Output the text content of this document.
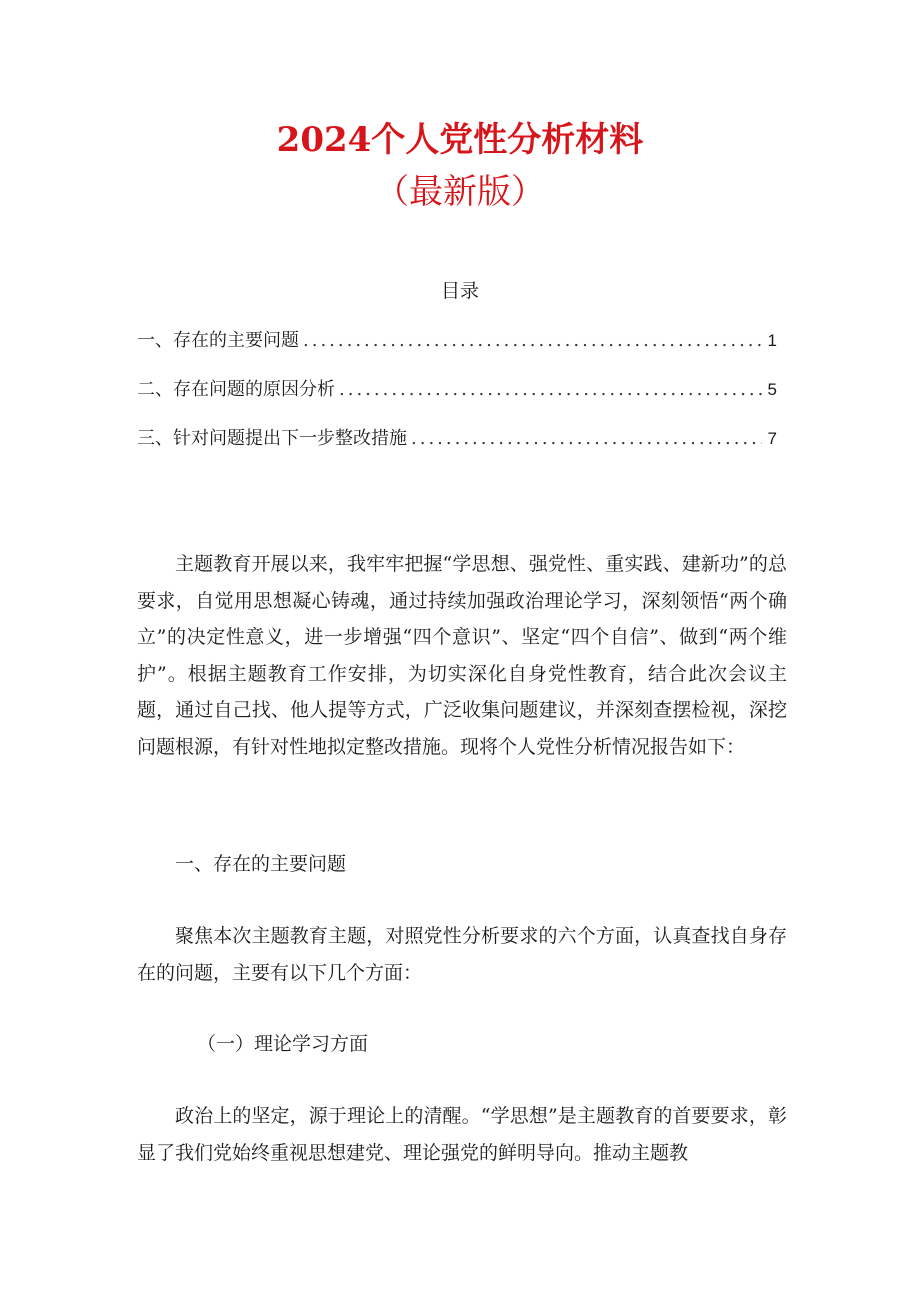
2024个人党性分析材料
（最新版）
目录
一、存在的主要问题 .....	1
二、存在问题的原因分析 .....	5
三、针对问题提出下一步整改措施 .....	7

主题教育开展以来，我牢牢把握“学思想、强党性、重实践、建新功”的总要求，自觉用思想凝心铸魂，通过持续加强政治理论学习，深刻领悟“两个确立”的决定性意义，进一步增强“四个意识”、坚定“四个自信”、做到“两个维护”。根据主题教育工作安排，为切实深化自身党性教育，结合此次会议主题，通过自己找、他人提等方式，广泛收集问题建议，并深刻查摆检视，深挖问题根源，有针对性地拟定整改措施。现将个人党性分析情况报告如下：

一、存在的主要问题

聚焦本次主题教育主题，对照党性分析要求的六个方面，认真查找自身存在的问题，主要有以下几个方面：

（一）理论学习方面

政治上的坚定，源于理论上的清醒。“学思想”是主题教育的首要要求，彰显了我们党始终重视思想建党、理论强党的鲜明导向。推动主题教
